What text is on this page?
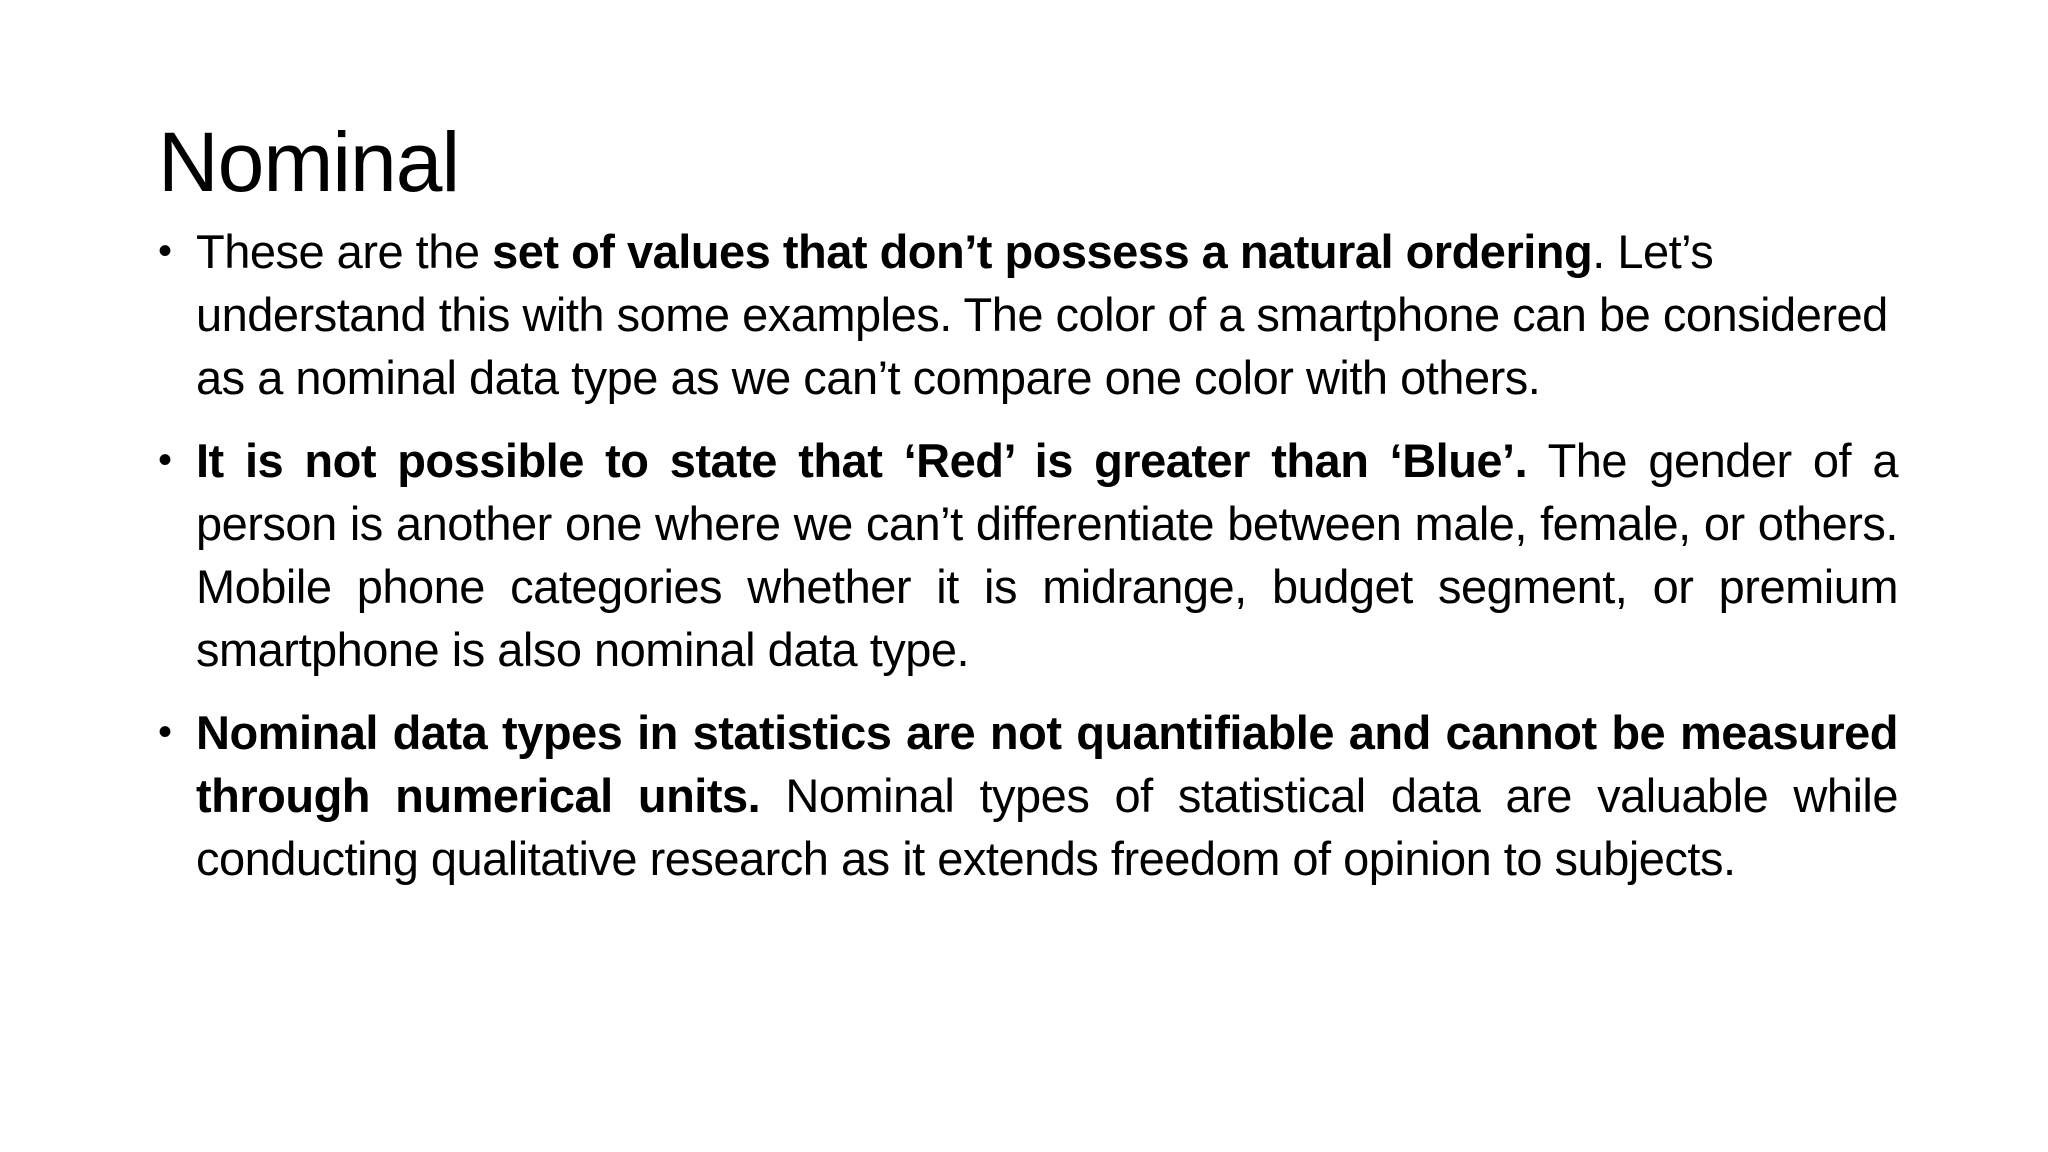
Nominal
• These are the set of values that don’t possess a natural ordering. Let’s understand this with some examples. The color of a smartphone can be considered as a nominal data type as we can’t compare one color with others.
• It is not possible to state that ‘Red’ is greater than ‘Blue’. The gender of a person is another one where we can’t differentiate between male, female, or others. Mobile phone categories whether it is midrange, budget segment, or premium smartphone is also nominal data type.
• Nominal data types in statistics are not quantifiable and cannot be measured through numerical units. Nominal types of statistical data are valuable while conducting qualitative research as it extends freedom of opinion to subjects.
